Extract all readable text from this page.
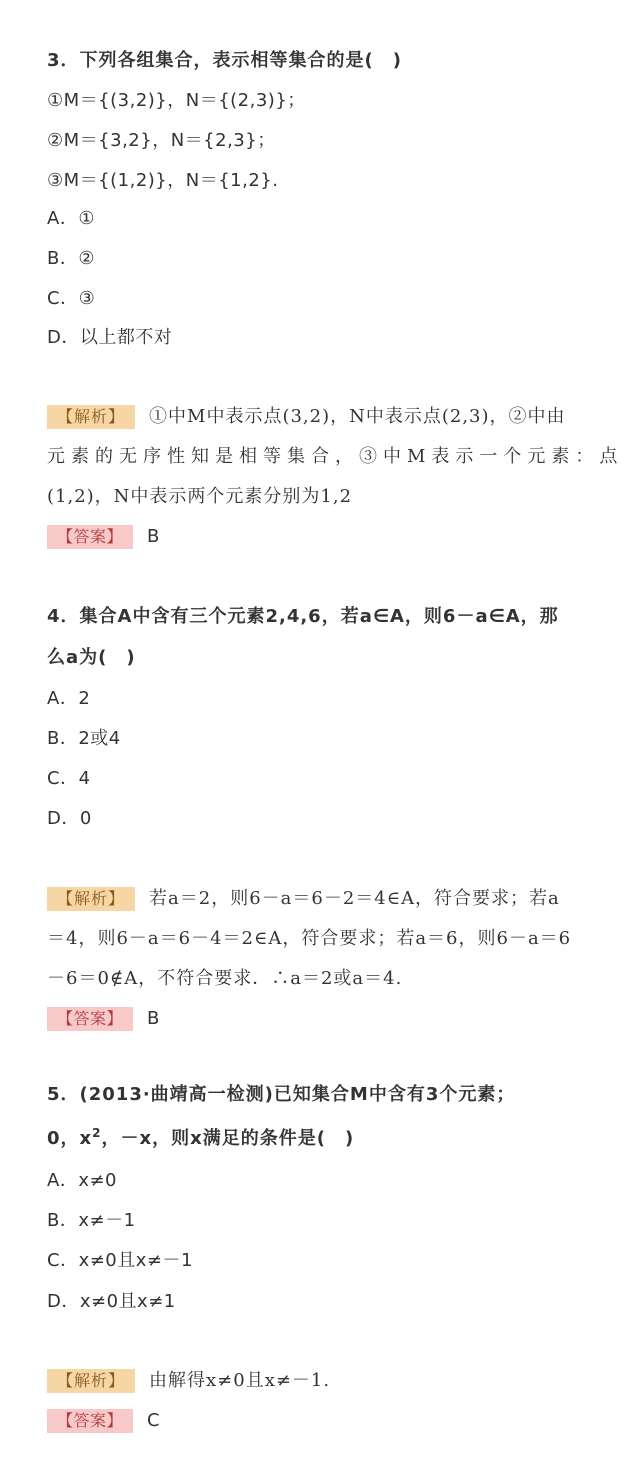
3．下列各组集合，表示相等集合的是(　)
①M＝{(3,2)}，N＝{(2,3)}；
②M＝{3,2}，N＝{2,3}；
③M＝{(1,2)}，N＝{1,2}.
A．①
B．②
C．③
D．以上都不对
【解析】 ①中M中表示点(3,2)，N中表示点(2,3)，②中由
元素的无序性知是相等集合，③中M表示一个元素：点
(1,2)，N中表示两个元素分别为1,2
【答案】 B
4．集合A中含有三个元素2,4,6，若a∈A，则6－a∈A，那
么a为(　)
A．2
B．2或4
C．4
D．0
【解析】 若a＝2，则6－a＝6－2＝4∈A，符合要求；若a
＝4，则6－a＝6－4＝2∈A，符合要求；若a＝6，则6－a＝6
－6＝0∉A，不符合要求．∴a＝2或a＝4.
【答案】 B
5．(2013·曲靖高一检测)已知集合M中含有3个元素；
0，$x^2$，－x，则x满足的条件是(　)
A．x≠0
B．x≠－1
C．x≠0且x≠－1
D．x≠0且x≠1
【解析】 由解得x≠0且x≠－1.
【答案】 C
